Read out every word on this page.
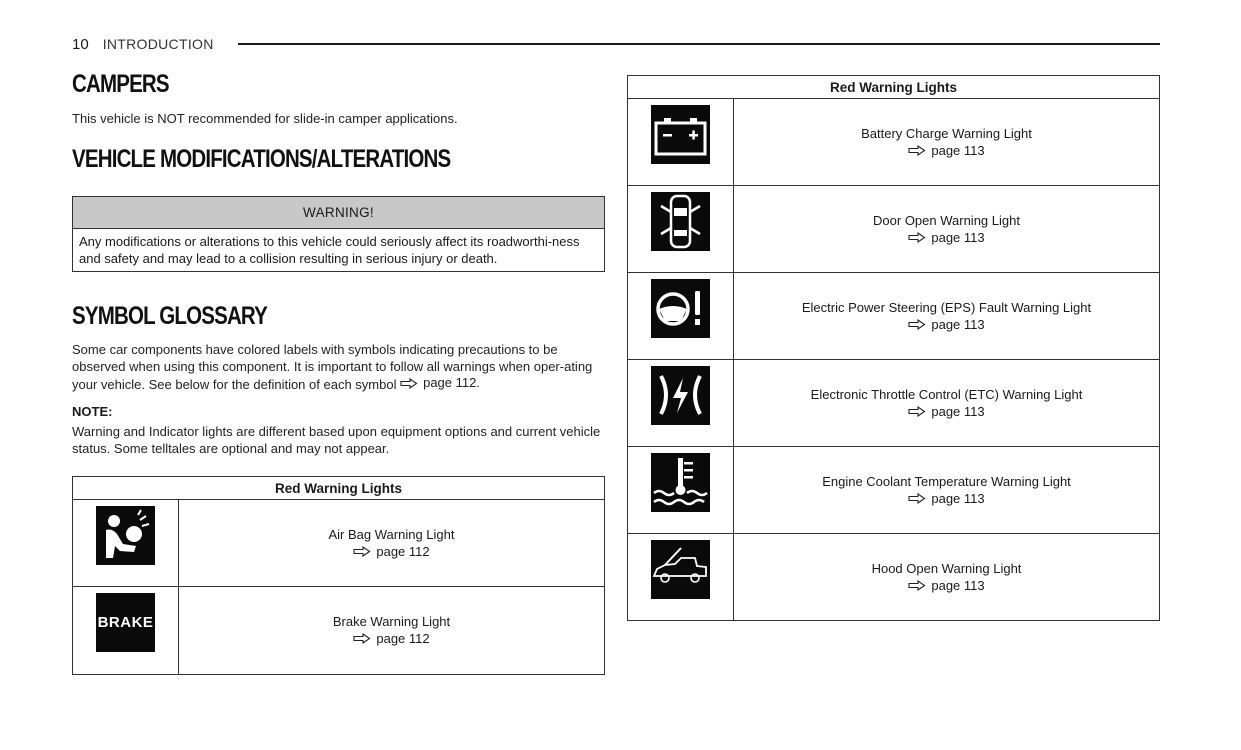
10 INTRODUCTION
CAMPERS
This vehicle is NOT recommended for slide-in camper applications.
VEHICLE MODIFICATIONS/ALTERATIONS
WARNING!
Any modifications or alterations to this vehicle could seriously affect its roadworthi-ness and safety and may lead to a collision resulting in serious injury or death.
SYMBOL GLOSSARY
Some car components have colored labels with symbols indicating precautions to be observed when using this component. It is important to follow all warnings when oper-ating your vehicle. See below for the definition of each symbol page 112.
NOTE:
Warning and Indicator lights are different based upon equipment options and current vehicle status. Some telltales are optional and may not appear.
Red Warning Lights	

Air Bag Warning Light
page 112

BRAKE	Brake Warning Light
page 112
Red Warning Lights	

Battery Charge Warning Light
page 113

Door Open Warning Light
page 113

Electric Power Steering (EPS) Fault Warning Light
page 113

Electronic Throttle Control (ETC) Warning Light
page 113

Engine Coolant Temperature Warning Light
page 113

Hood Open Warning Light
page 113
